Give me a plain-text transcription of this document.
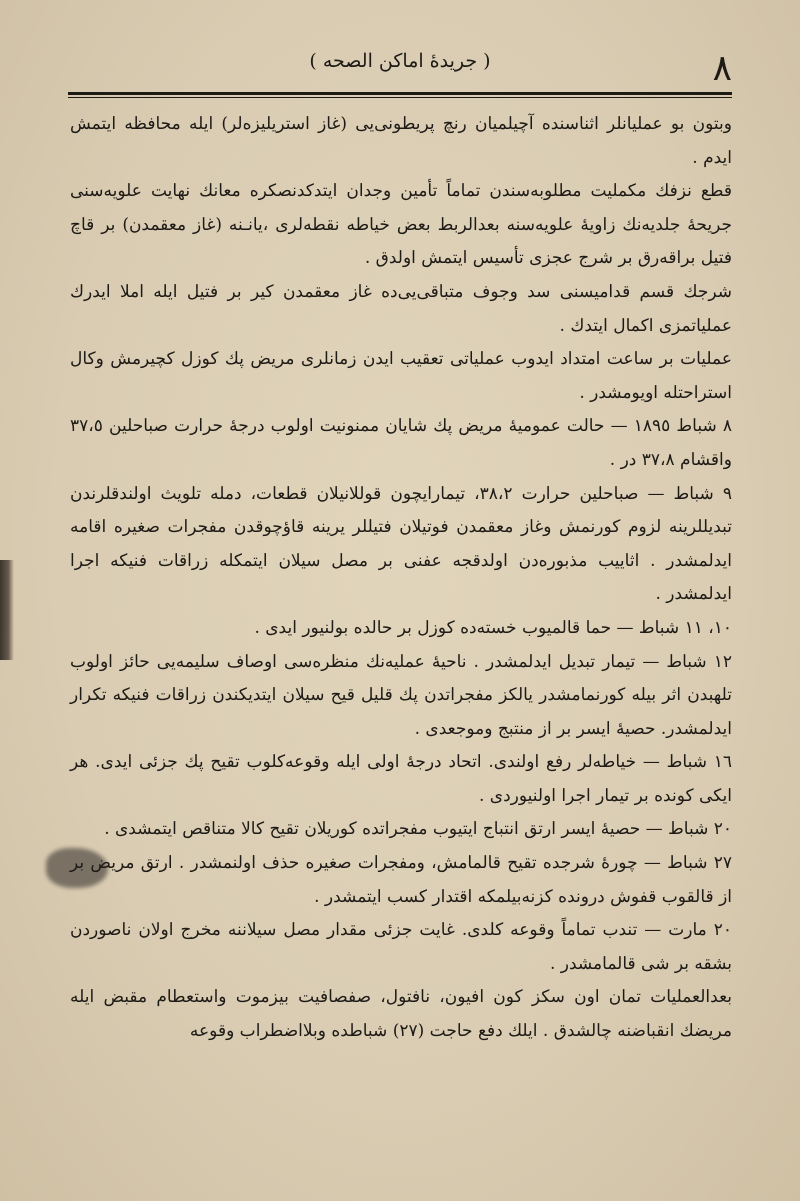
٨
( جريدهٔ اماكن الصحه )

وبتون بو عمليانلر اثناسنده آچيلميان رنچ پريطونی‌یی (غاز استريليزه‌لر) ايله محافظه ايتمش ايدم .

قطع نزفك مكمليت مطلوبه‌سندن تماماً تأمين وجدان ايتدكدنصكره معانك نهايت علويه‌سنی جريحهٔ جلديه‌نك زاويهٔ علويه‌سنه بعدالربط بعض خياطه نقطه‌لری ،يانـنه (غاز معقمدن) بر قاچ فتيل براقه‌رق بر شرج عجزی تأسيس ايتمش اولدق .

شرجك قسم قداميسنی سد وجوف متباقی‌یی‌ده غاز معقمدن كير بر فتيل ايله املا ايدرك عمليا‌تمزی اكمال ايتدك .

عمليات بر ساعت امتداد ايدوب عملياتی تعقيب ايدن زمانلری مريض پك كوزل كچيرمش وكال استراحتله اويومشدر .

٨ شباط ١٨٩٥ — حالت عموميهٔ مريض پك شايان ممنونيت اولوب درجهٔ حرارت صباحلين ٣٧،٥ واقشام ٣٧،٨ در .

٩ شباط — صباحلين حرارت ٣٨،٢، تيمارايچون قوللانيلان قطعات، دمله تلويث اولندقلرندن تبديللرينه لزوم كورنمش وغاز معقمدن فوتيلان فتيللر يرينه قاؤچوقدن مفجرات صغيره اقامه ايدلمشدر . اثاييب مذبوره‌دن اولدقجه عفنی بر مصل سيلان ايتمكله زراقات فنيكه اجرا ايدلمشدر .

١٠، ١١ شباط — حما قالميوب خسته‌ده كوزل بر حالده بولنيور ايدی .

١٢ شباط — تيمار تبديل ايدلمشدر . ناحيهٔ عمليه‌نك منظره‌سی اوصاف سليمه‌يی حائز اولوب تلهبدن اثر بيله كورنمامشدر يالكز مفجراتدن پك قليل قيح سيلان ايتديكندن زراقات فنيكه تكرار ايدلمشدر. حصيهٔ ايسر بر از منتبج وموجعدی .

١٦ شباط — خياطه‌لر رفع اولندی. اتحاد درجهٔ اولی ايله وقوعه‌كلوب تقيح پك جزئی ايدی. هر ايكی كونده بر تيمار اجرا اولنيوردی .

٢٠ شباط — حصيهٔ ايسر ارتق انتباج ايتيوب مفجراتده كوريلان تقيح كالا متناقص ايتمشدی .

٢٧ شباط — چورهٔ شرجده تقيح قالمامش، ومفجرات صغيره حذف اولنمشدر . ارتق مريض بر از قالقوب قفوش درونده كزنه‌بيلمكه اقتدار كسب ايتمشدر .

٢٠ مارت — تندب تماماً وقوعه كلدی. غايت جزئی مقدار مصل سيلاننه مخرج اولان ناصوردن بشقه بر شی قالمامشدر .

بعدالعمليات تمان اون سكز كون افيون، نافتول، صفصافيت بيزموت واستعطام مقبض ايله مريضك انقباضنه چالشدق . ايلك دفع حاجت (٢٧) شباطده وبلااضطراب وقوعه
